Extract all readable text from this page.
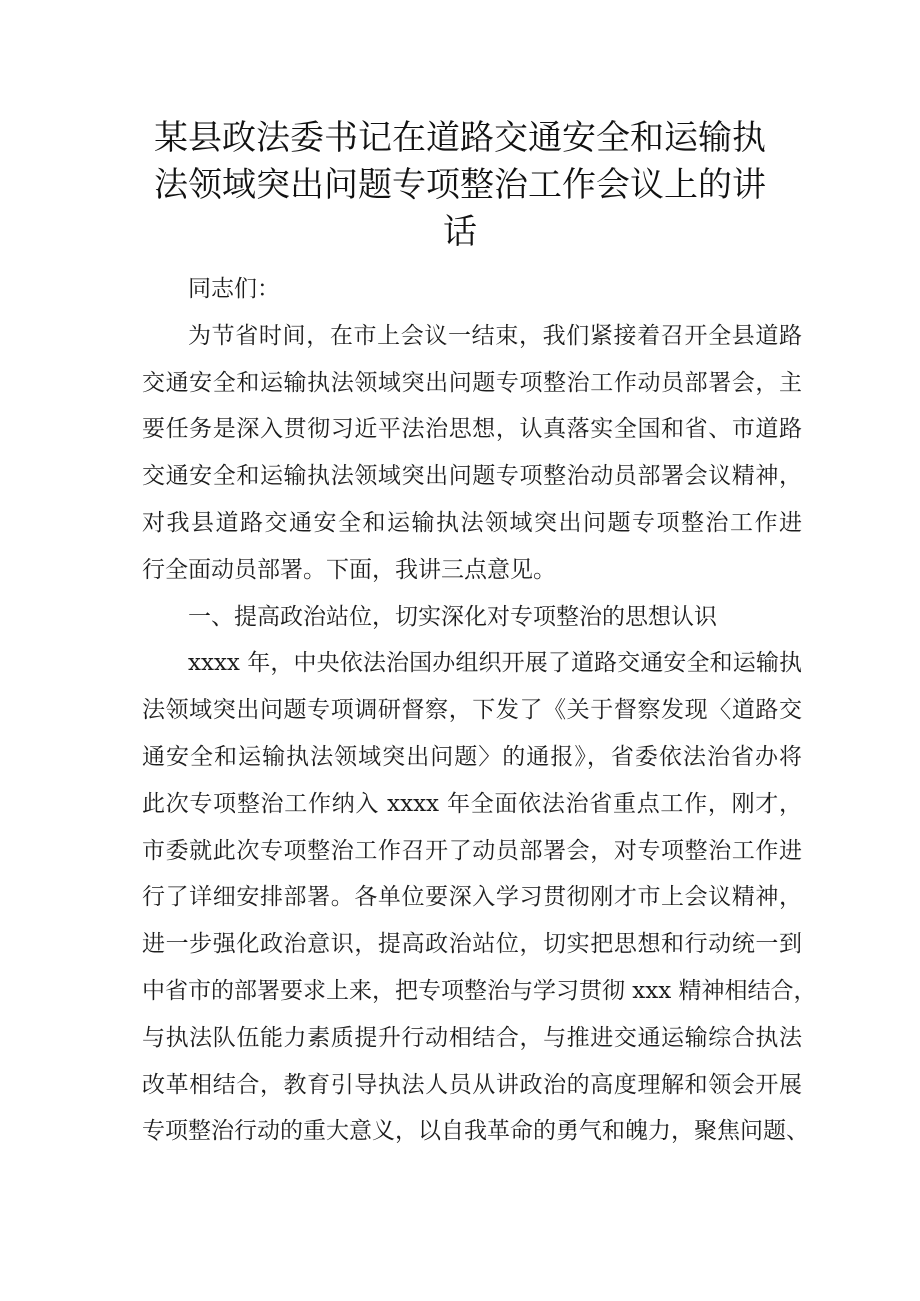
某县政法委书记在道路交通安全和运输执
法领域突出问题专项整治工作会议上的讲
话
同志们：
为节省时间，在市上会议一结束，我们紧接着召开全县道路
交通安全和运输执法领域突出问题专项整治工作动员部署会，主
要任务是深入贯彻习近平法治思想，认真落实全国和省、市道路
交通安全和运输执法领域突出问题专项整治动员部署会议精神，
对我县道路交通安全和运输执法领域突出问题专项整治工作进
行全面动员部署。下面，我讲三点意见。
一、提高政治站位，切实深化对专项整治的思想认识
xxxx 年，中央依法治国办组织开展了道路交通安全和运输执
法领域突出问题专项调研督察，下发了《关于督察发现〈道路交
通安全和运输执法领域突出问题〉的通报》，省委依法治省办将
此次专项整治工作纳入 xxxx 年全面依法治省重点工作，刚才，
市委就此次专项整治工作召开了动员部署会，对专项整治工作进
行了详细安排部署。各单位要深入学习贯彻刚才市上会议精神，
进一步强化政治意识，提高政治站位，切实把思想和行动统一到
中省市的部署要求上来，把专项整治与学习贯彻 xxx 精神相结合，
与执法队伍能力素质提升行动相结合，与推进交通运输综合执法
改革相结合，教育引导执法人员从讲政治的高度理解和领会开展
专项整治行动的重大意义，以自我革命的勇气和魄力，聚焦问题、
